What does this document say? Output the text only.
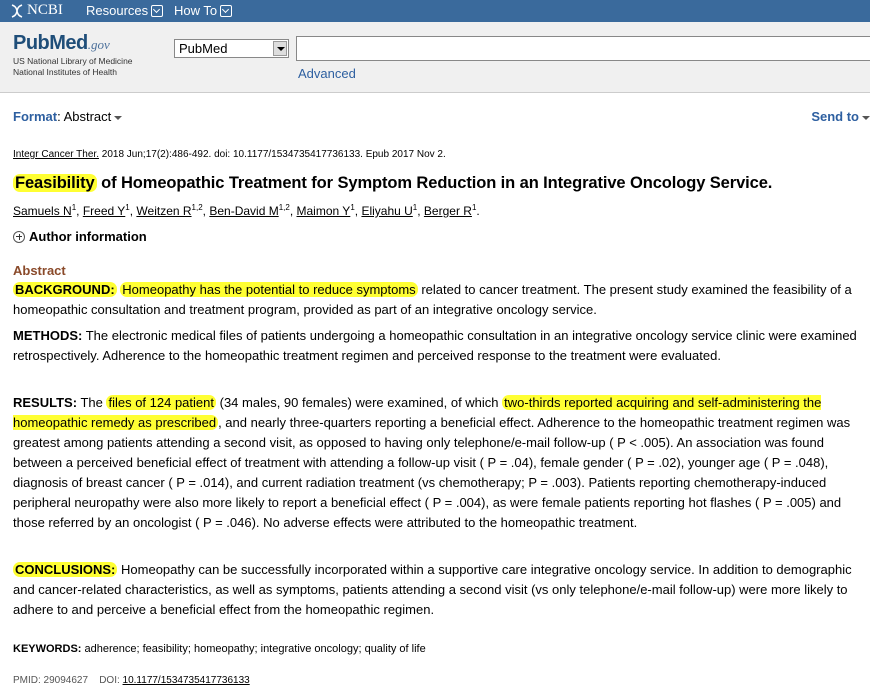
NCBI Resources How To
PubMed.gov
US National Library of Medicine
National Institutes of Health
PubMed
Advanced
Format: Abstract	Send to
Integr Cancer Ther. 2018 Jun;17(2):486-492. doi: 10.1177/1534735417736133. Epub 2017 Nov 2.
Feasibility of Homeopathic Treatment for Symptom Reduction in an Integrative Oncology Service.
Samuels $N^1$, Freed $Y^1$, Weitzen R$^{1,2}$, Ben-David M$^{1,2}$, Maimon $Y^1$, Eliyahu $U^1$, Berger $R^1$.
Author information
Abstract
BACKGROUND: Homeopathy has the potential to reduce symptoms related to cancer treatment. The present study examined the feasibility of a homeopathic consultation and treatment program, provided as part of an integrative oncology service.
METHODS: The electronic medical files of patients undergoing a homeopathic consultation in an integrative oncology service clinic were examined retrospectively. Adherence to the homeopathic treatment regimen and perceived response to the treatment were evaluated.
RESULTS: The files of 124 patient (34 males, 90 females) were examined, of which two-thirds reported acquiring and self-administering the homeopathic remedy as prescribed , and nearly three-quarters reporting a beneficial effect. Adherence to the homeopathic treatment regimen was greatest among patients attending a second visit, as opposed to having only telephone/e-mail follow-up ( P < .005). An association was found between a perceived beneficial effect of treatment with attending a follow-up visit ( P = .04), female gender ( P = .02), younger age ( P = .048), diagnosis of breast cancer ( P = .014), and current radiation treatment (vs chemotherapy; P = .003). Patients reporting chemotherapy-induced peripheral neuropathy were also more likely to report a beneficial effect ( P = .004), as were female patients reporting hot flashes ( P = .005) and those referred by an oncologist ( P = .046). No adverse effects were attributed to the homeopathic treatment.
CONCLUSIONS: Homeopathy can be successfully incorporated within a supportive care integrative oncology service. In addition to demographic and cancer-related characteristics, as well as symptoms, patients attending a second visit (vs only telephone/e-mail follow-up) were more likely to adhere to and perceive a beneficial effect from the homeopathic regimen.
KEYWORDS: adherence; feasibility; homeopathy; integrative oncology; quality of life
PMID: 29094627 DOI: 10.1177/1534735417736133
